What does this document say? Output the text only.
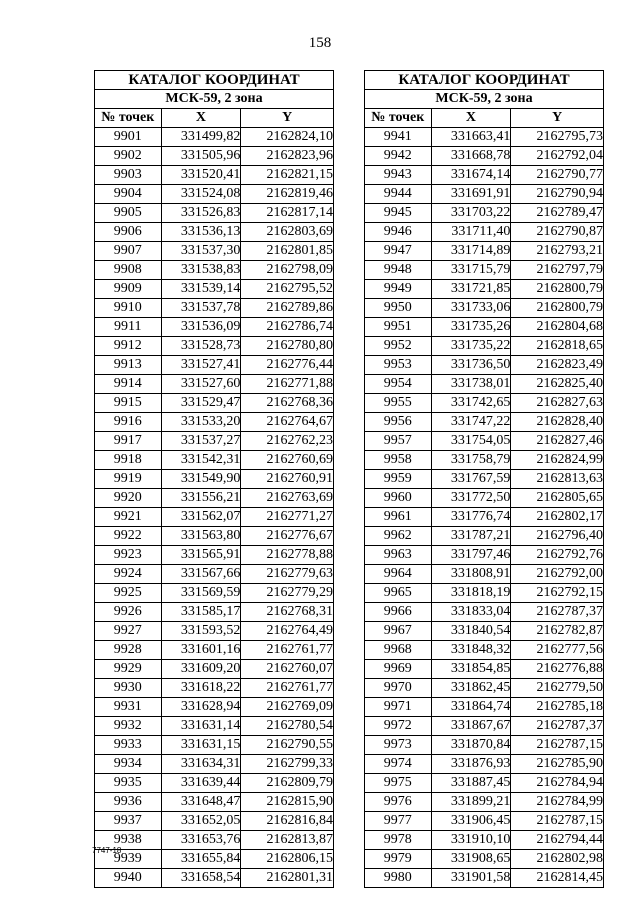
158
КАТАЛОГ КООРДИНАТ		
МСК-59, 2 зона		
№ точек	X	Y
9901	331499,82	2162824,10
9902	331505,96	2162823,96
9903	331520,41	2162821,15
9904	331524,08	2162819,46
9905	331526,83	2162817,14
9906	331536,13	2162803,69
9907	331537,30	2162801,85
9908	331538,83	2162798,09
9909	331539,14	2162795,52
9910	331537,78	2162789,86
9911	331536,09	2162786,74
9912	331528,73	2162780,80
9913	331527,41	2162776,44
9914	331527,60	2162771,88
9915	331529,47	2162768,36
9916	331533,20	2162764,67
9917	331537,27	2162762,23
9918	331542,31	2162760,69
9919	331549,90	2162760,91
9920	331556,21	2162763,69
9921	331562,07	2162771,27
9922	331563,80	2162776,67
9923	331565,91	2162778,88
9924	331567,66	2162779,63
9925	331569,59	2162779,29
9926	331585,17	2162768,31
9927	331593,52	2162764,49
9928	331601,16	2162761,77
9929	331609,20	2162760,07
9930	331618,22	2162761,77
9931	331628,94	2162769,09
9932	331631,14	2162780,54
9933	331631,15	2162790,55
9934	331634,31	2162799,33
9935	331639,44	2162809,79
9936	331648,47	2162815,90
9937	331652,05	2162816,84
9938	331653,76	2162813,87
9939	331655,84	2162806,15
9940	331658,54	2162801,31
КАТАЛОГ КООРДИНАТ		
МСК-59, 2 зона		
№ точек	X	Y
9941	331663,41	2162795,73
9942	331668,78	2162792,04
9943	331674,14	2162790,77
9944	331691,91	2162790,94
9945	331703,22	2162789,47
9946	331711,40	2162790,87
9947	331714,89	2162793,21
9948	331715,79	2162797,79
9949	331721,85	2162800,79
9950	331733,06	2162800,79
9951	331735,26	2162804,68
9952	331735,22	2162818,65
9953	331736,50	2162823,49
9954	331738,01	2162825,40
9955	331742,65	2162827,63
9956	331747,22	2162828,40
9957	331754,05	2162827,46
9958	331758,79	2162824,99
9959	331767,59	2162813,63
9960	331772,50	2162805,65
9961	331776,74	2162802,17
9962	331787,21	2162796,40
9963	331797,46	2162792,76
9964	331808,91	2162792,00
9965	331818,19	2162792,15
9966	331833,04	2162787,37
9967	331840,54	2162782,87
9968	331848,32	2162777,56
9969	331854,85	2162776,88
9970	331862,45	2162779,50
9971	331864,74	2162785,18
9972	331867,67	2162787,37
9973	331870,84	2162787,15
9974	331876,93	2162785,90
9975	331887,45	2162784,94
9976	331899,21	2162784,99
9977	331906,45	2162787,15
9978	331910,10	2162794,44
9979	331908,65	2162802,98
9980	331901,58	2162814,45
7747-18
